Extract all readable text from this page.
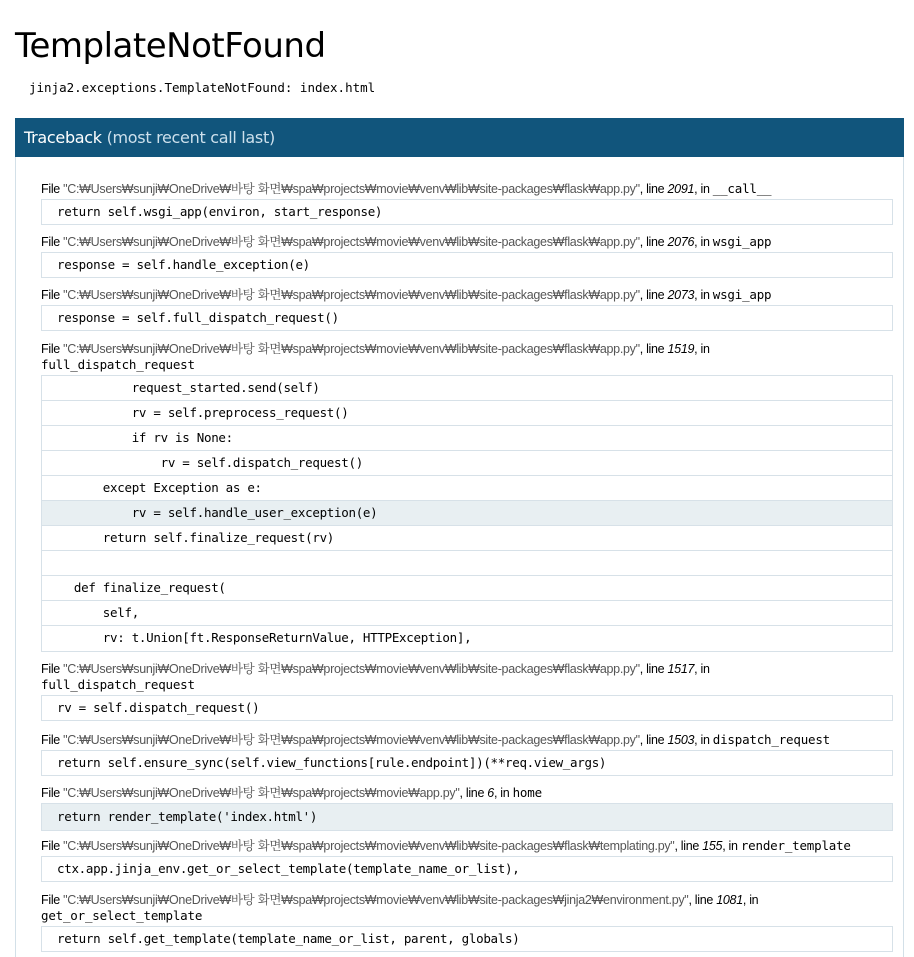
TemplateNotFound
jinja2.exceptions.TemplateNotFound: index.html
Traceback (most recent call last)
File "C:₩Users₩sunji₩OneDrive₩바탕 화면₩spa₩projects₩movie₩venv₩lib₩site-packages₩flask₩app.py", line 2091, in __call__
return self.wsgi_app(environ, start_response)
File "C:₩Users₩sunji₩OneDrive₩바탕 화면₩spa₩projects₩movie₩venv₩lib₩site-packages₩flask₩app.py", line 2076, in wsgi_app
response = self.handle_exception(e)
File "C:₩Users₩sunji₩OneDrive₩바탕 화면₩spa₩projects₩movie₩venv₩lib₩site-packages₩flask₩app.py", line 2073, in wsgi_app
response = self.full_dispatch_request()
File "C:₩Users₩sunji₩OneDrive₩바탕 화면₩spa₩projects₩movie₩venv₩lib₩site-packages₩flask₩app.py", line 1519, in
full_dispatch_request
request_started.send(self)
rv = self.preprocess_request()
if rv is None:
rv = self.dispatch_request()
except Exception as e:
rv = self.handle_user_exception(e)
return self.finalize_request(rv)
def finalize_request(
self,
rv: t.Union[ft.ResponseReturnValue, HTTPException],
File "C:₩Users₩sunji₩OneDrive₩바탕 화면₩spa₩projects₩movie₩venv₩lib₩site-packages₩flask₩app.py", line 1517, in
full_dispatch_request
rv = self.dispatch_request()
File "C:₩Users₩sunji₩OneDrive₩바탕 화면₩spa₩projects₩movie₩venv₩lib₩site-packages₩flask₩app.py", line 1503, in dispatch_request
return self.ensure_sync(self.view_functions[rule.endpoint])(**req.view_args)
File "C:₩Users₩sunji₩OneDrive₩바탕 화면₩spa₩projects₩movie₩app.py", line 6, in home
return render_template('index.html')
File "C:₩Users₩sunji₩OneDrive₩바탕 화면₩spa₩projects₩movie₩venv₩lib₩site-packages₩flask₩templating.py", line 155, in render_template
ctx.app.jinja_env.get_or_select_template(template_name_or_list),
File "C:₩Users₩sunji₩OneDrive₩바탕 화면₩spa₩projects₩movie₩venv₩lib₩site-packages₩jinja2₩environment.py", line 1081, in
get_or_select_template
return self.get_template(template_name_or_list, parent, globals)
